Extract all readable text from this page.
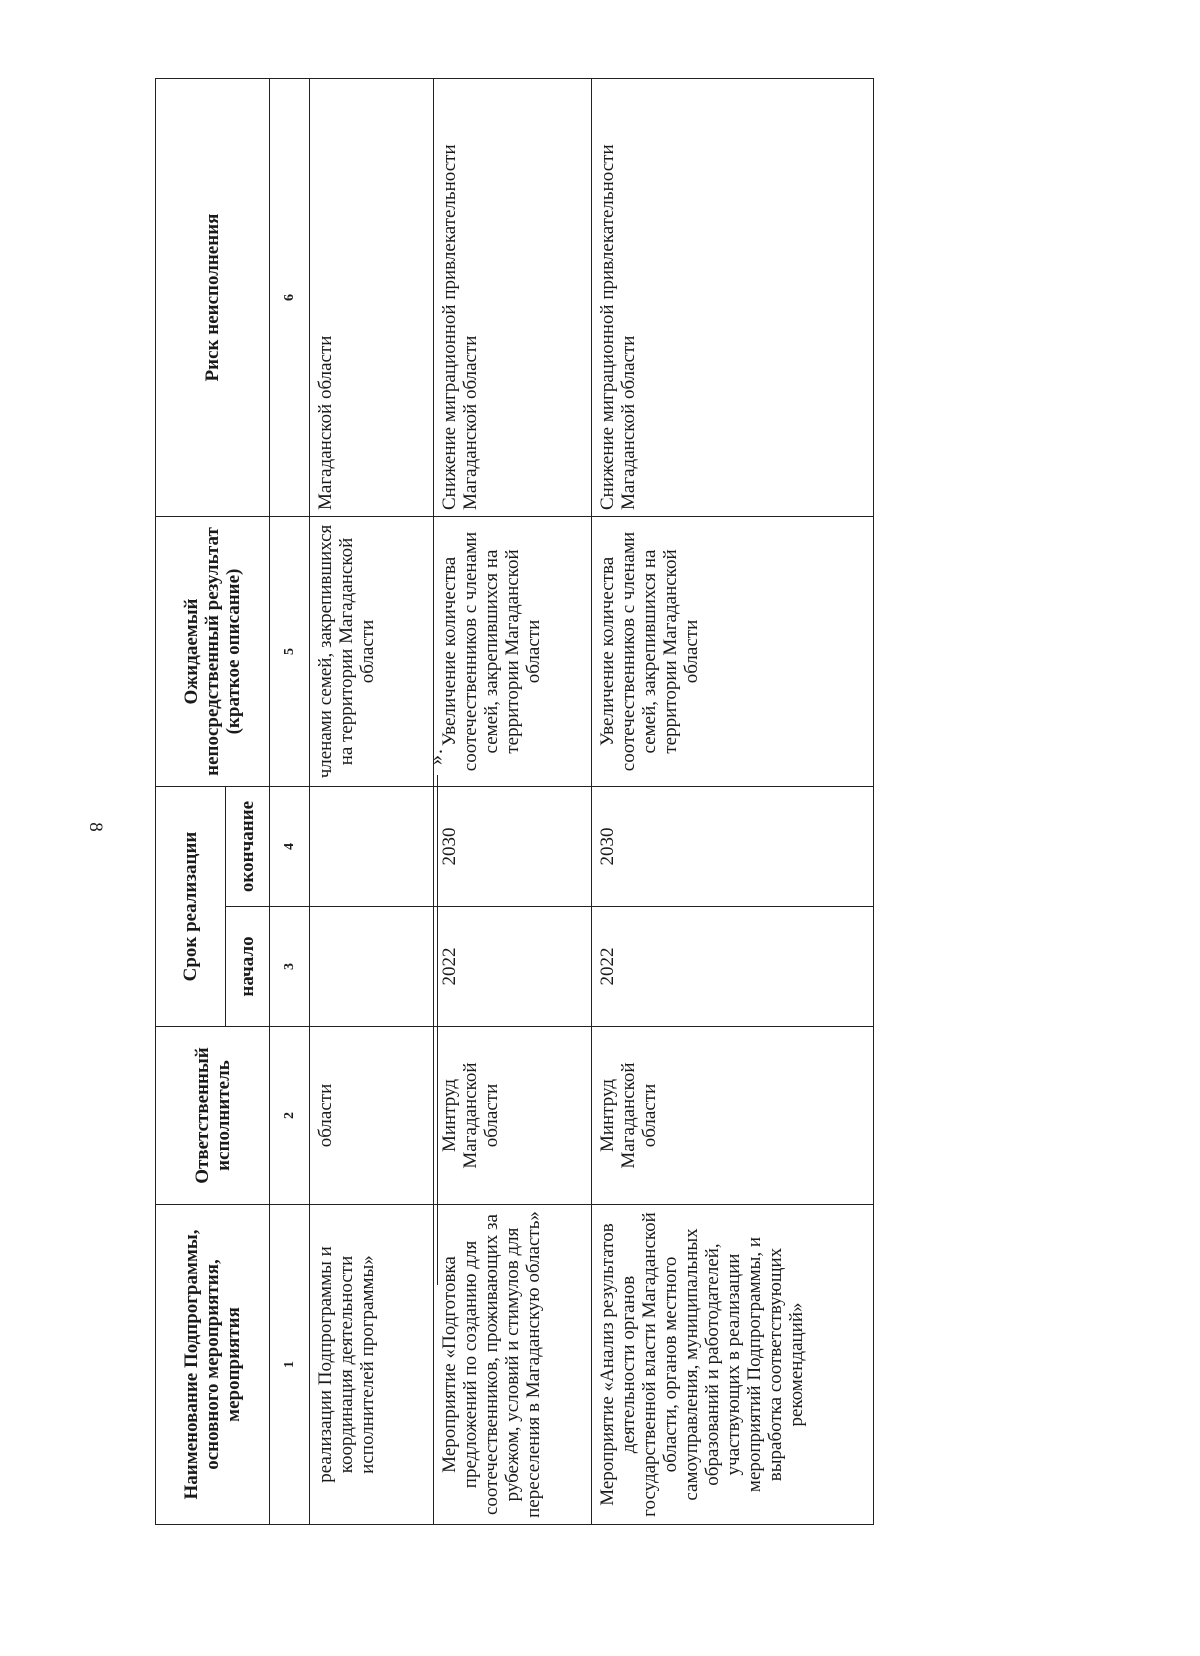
8
Наименование Подпрограммы, основного мероприятия, мероприятия	Ответственный исполнитель	Срок реализации		Ожидаемый непосредственный результат (краткое описание)	Риск неисполнения
		начало	окончание		
1	2	3	4	5	6
реализации Подпрограммы и координация деятельности исполнителей программы»	области			членами семей, закрепившихся на территории Магаданской области	Магаданской области
Мероприятие «Подготовка предложений по созданию для соотечественников, проживающих за рубежом, условий и стимулов для переселения в Магаданскую область»	Минтруд Магаданской области	2022	2030	Увеличение количества соотечественников с членами семей, закрепившихся на территории Магаданской области	Снижение миграционной привлекательности Магаданской области
Мероприятие «Анализ результатов деятельности органов государственной власти Магаданской области, органов местного самоуправления, муниципальных образований и работодателей, участвующих в реализации мероприятий Подпрограммы, и выработка соответствующих рекомендаций»	Минтруд Магаданской области	2022	2030	Увеличение количества соотечественников с членами семей, закрепившихся на территории Магаданской области	Снижение миграционной привлекательности Магаданской области
».
